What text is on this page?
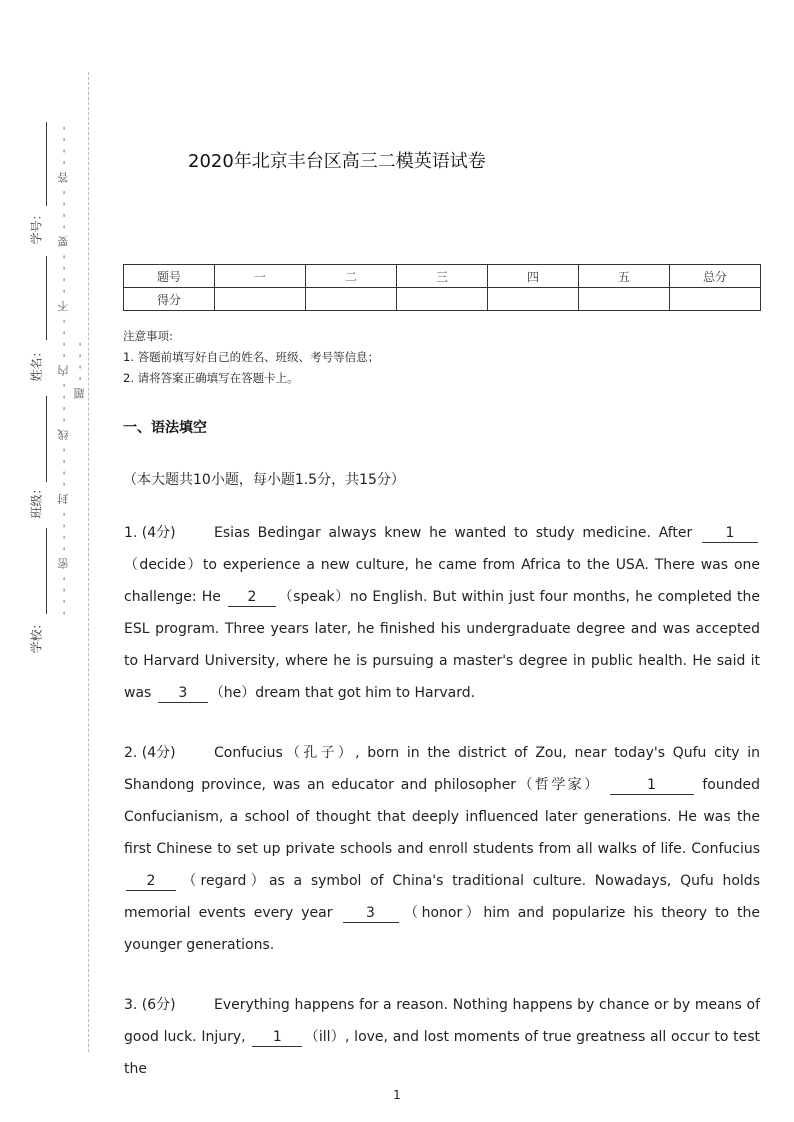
学号：
姓名：
班级：
学校：
- - - - 密 - - - - 封 - - - - 线 - - - - 内 - - - - 不 - - - - 要 - - - - 答 - - - - 题 - - - -
2020年北京丰台区高三二模英语试卷
题号	一	二	三	四	五	总分
得分						
注意事项:
1. 答题前填写好自己的姓名、班级、考号等信息；
2. 请将答案正确填写在答题卡上。
一、语法填空
（本大题共10小题，每小题1.5分，共15分）
1. (4分)	Esias Bedingar always knew he wanted to study medicine. After 1（decide）to experience a new culture, he came from Africa to the USA. There was one challenge: He 2 （speak）no English. But within just four months, he completed the ESL program. Three years later, he finished his undergraduate degree and was accepted to Harvard University, where he is pursuing a master's degree in public health. He said it was 3 （he）dream that got him to Harvard.
2. (4分)	Confucius（孔子）, born in the district of Zou, near today's Qufu city in Shandong province, was an educator and philosopher（哲学家）	1	founded Confucianism, a school of thought that deeply influenced later generations. He was the first Chinese to set up private schools and enroll students from all walks of life. Confucius 2 （regard）as a symbol of China's traditional culture. Nowadays, Qufu holds memorial events every year 3 （honor）him and popularize his theory to the younger generations.
3. (6分)	Everything happens for a reason. Nothing happens by chance or by means of good luck. Injury, 1 （ill）, love, and lost moments of true greatness all occur to test the
1
